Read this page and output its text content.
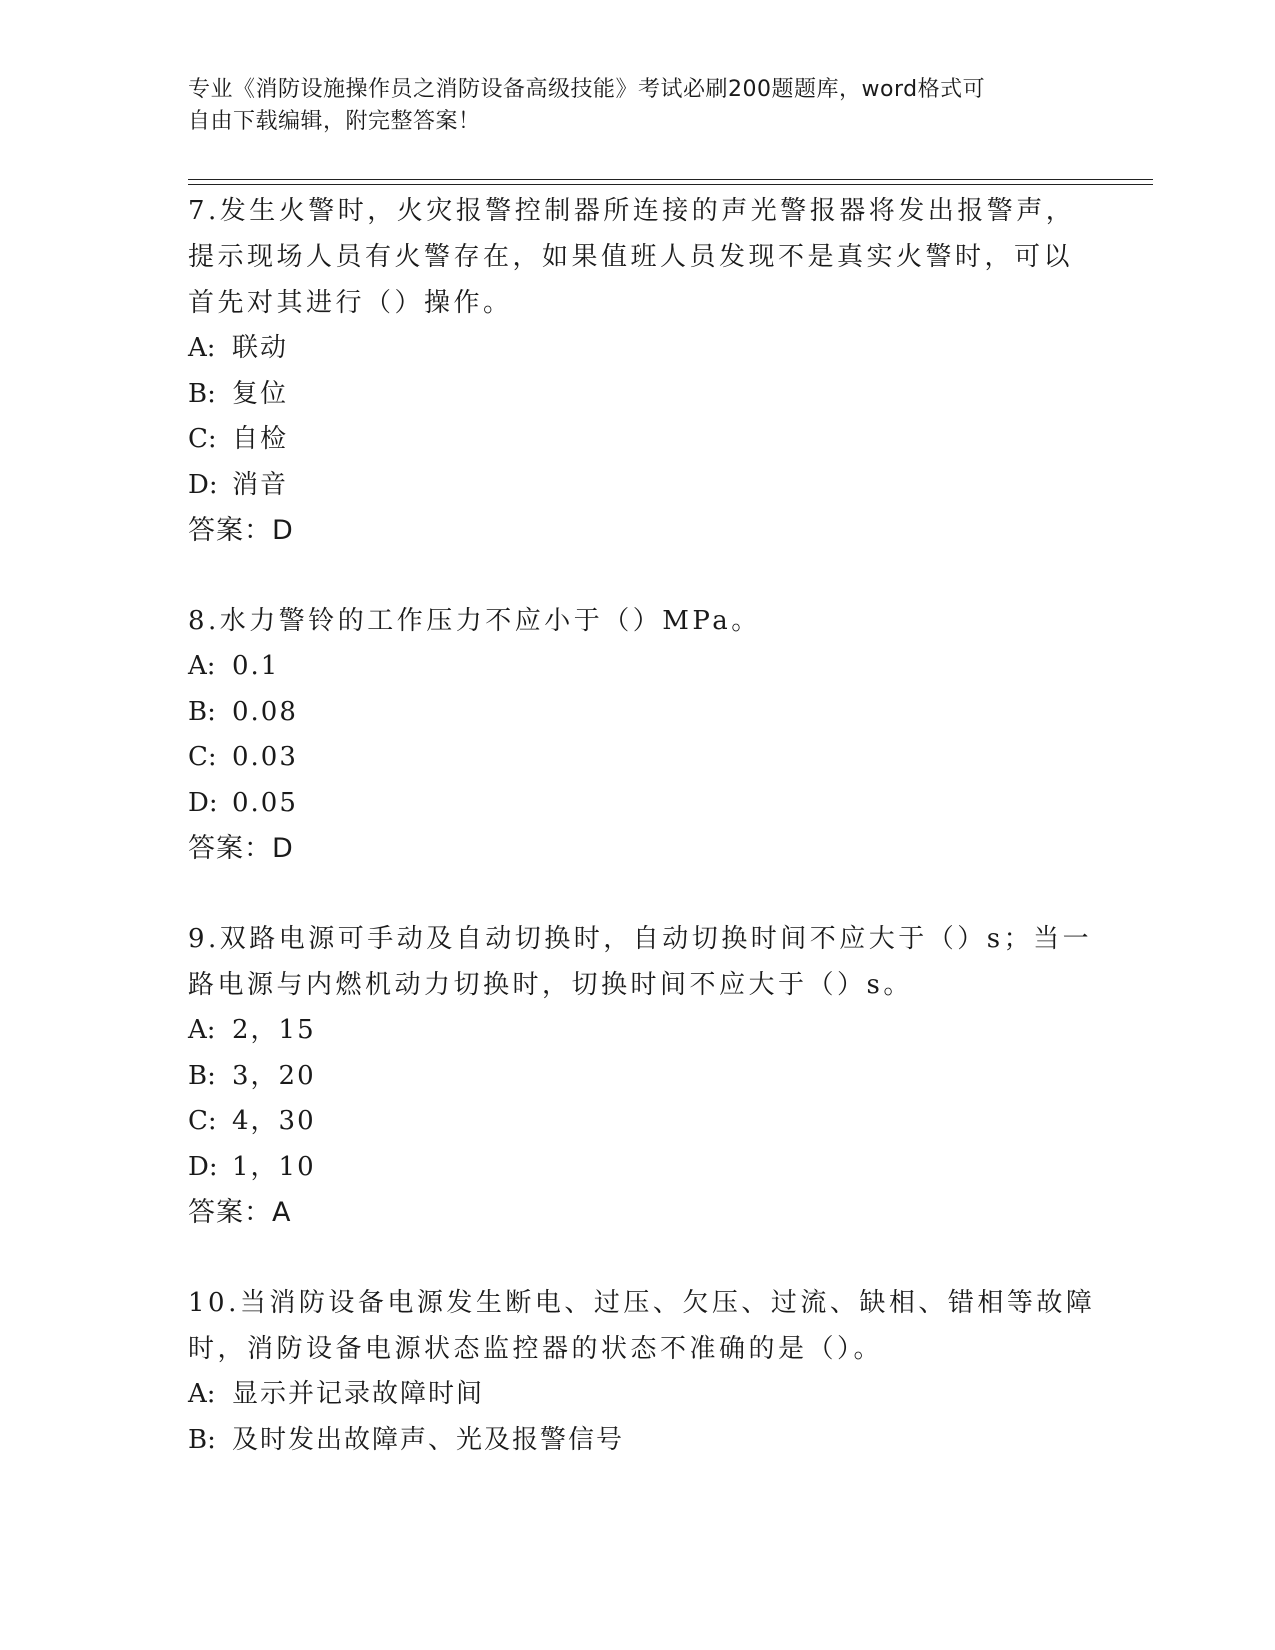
专业《消防设施操作员之消防设备高级技能》考试必刷200题题库，word格式可
自由下载编辑，附完整答案！
7.发生火警时，火灾报警控制器所连接的声光警报器将发出报警声，
提示现场人员有火警存在，如果值班人员发现不是真实火警时，可以
首先对其进行（）操作。
A: 联动
B: 复位
C: 自检
D: 消音
答案：D
8.水力警铃的工作压力不应小于（）MPa。
A: 0.1
B: 0.08
C: 0.03
D: 0.05
答案：D
9.双路电源可手动及自动切换时，自动切换时间不应大于（）s；当一
路电源与内燃机动力切换时，切换时间不应大于（）s。
A: 2，15
B: 3，20
C: 4，30
D: 1，10
答案：A
10.当消防设备电源发生断电、过压、欠压、过流、缺相、错相等故障
时，消防设备电源状态监控器的状态不准确的是（）。
A: 显示并记录故障时间
B: 及时发出故障声、光及报警信号
